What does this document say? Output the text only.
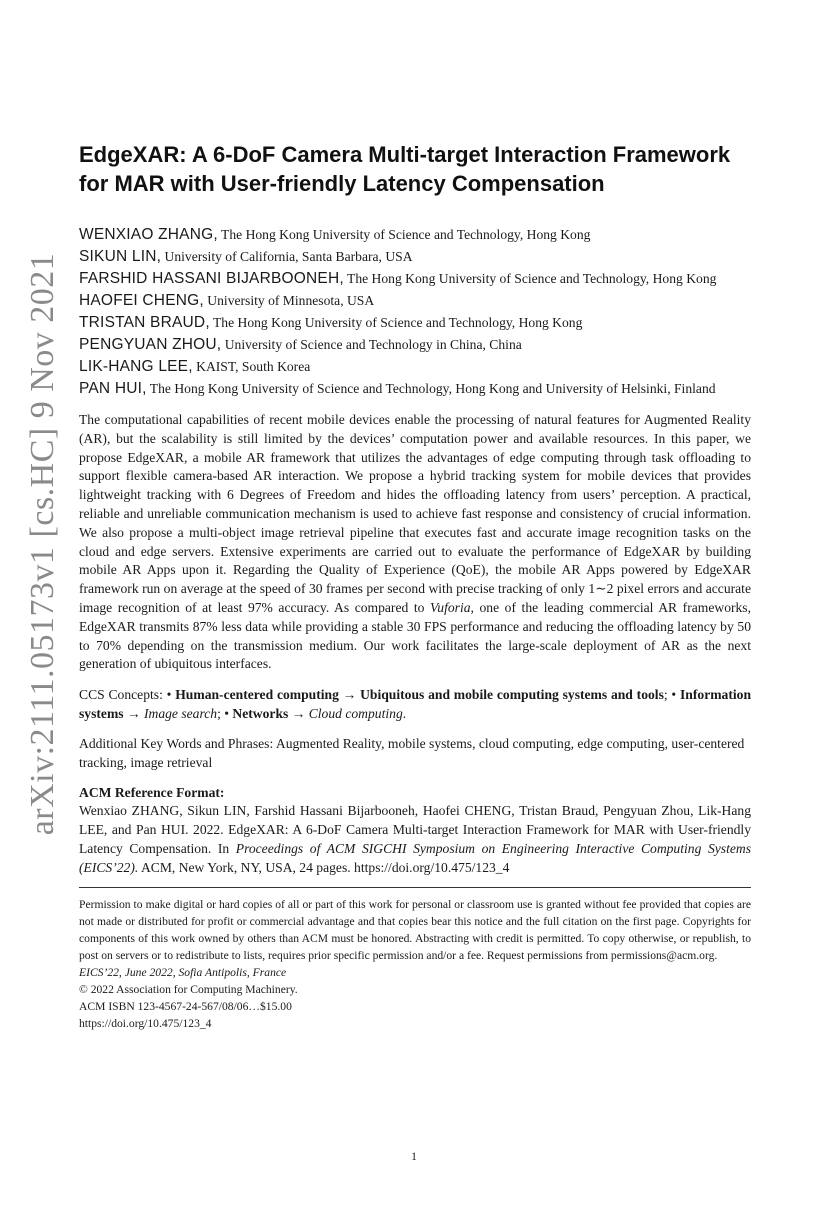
arXiv:2111.05173v1 [cs.HC] 9 Nov 2021
EdgeXAR: A 6-DoF Camera Multi-target Interaction Framework for MAR with User-friendly Latency Compensation
WENXIAO ZHANG, The Hong Kong University of Science and Technology, Hong Kong
SIKUN LIN, University of California, Santa Barbara, USA
FARSHID HASSANI BIJARBOONEH, The Hong Kong University of Science and Technology, Hong Kong
HAOFEI CHENG, University of Minnesota, USA
TRISTAN BRAUD, The Hong Kong University of Science and Technology, Hong Kong
PENGYUAN ZHOU, University of Science and Technology in China, China
LIK-HANG LEE, KAIST, South Korea
PAN HUI, The Hong Kong University of Science and Technology, Hong Kong and University of Helsinki, Finland

The computational capabilities of recent mobile devices enable the processing of natural features for Augmented Reality (AR), but the scalability is still limited by the devices’ computation power and available resources. In this paper, we propose EdgeXAR, a mobile AR framework that utilizes the advantages of edge computing through task offloading to support flexible camera-based AR interaction. We propose a hybrid tracking system for mobile devices that provides lightweight tracking with 6 Degrees of Freedom and hides the offloading latency from users’ perception. A practical, reliable and unreliable communication mechanism is used to achieve fast response and consistency of crucial information. We also propose a multi-object image retrieval pipeline that executes fast and accurate image recognition tasks on the cloud and edge servers. Extensive experiments are carried out to evaluate the performance of EdgeXAR by building mobile AR Apps upon it. Regarding the Quality of Experience (QoE), the mobile AR Apps powered by EdgeXAR framework run on average at the speed of 30 frames per second with precise tracking of only 1∼2 pixel errors and accurate image recognition of at least 97% accuracy. As compared to Vuforia, one of the leading commercial AR frameworks, EdgeXAR transmits 87% less data while providing a stable 30 FPS performance and reducing the offloading latency by 50 to 70% depending on the transmission medium. Our work facilitates the large-scale deployment of AR as the next generation of ubiquitous interfaces.

CCS Concepts: • Human-centered computing → Ubiquitous and mobile computing systems and tools; • Information systems → Image search; • Networks → Cloud computing.

Additional Key Words and Phrases: Augmented Reality, mobile systems, cloud computing, edge computing, user-centered tracking, image retrieval

ACM Reference Format:
Wenxiao ZHANG, Sikun LIN, Farshid Hassani Bijarbooneh, Haofei CHENG, Tristan Braud, Pengyuan Zhou, Lik-Hang LEE, and Pan HUI. 2022. EdgeXAR: A 6-DoF Camera Multi-target Interaction Framework for MAR with User-friendly Latency Compensation. In Proceedings of ACM SIGCHI Symposium on Engineering Interactive Computing Systems (EICS’22). ACM, New York, NY, USA, 24 pages. https://doi.org/10.475/123_4
Permission to make digital or hard copies of all or part of this work for personal or classroom use is granted without fee provided that copies are not made or distributed for profit or commercial advantage and that copies bear this notice and the full citation on the first page. Copyrights for components of this work owned by others than ACM must be honored. Abstracting with credit is permitted. To copy otherwise, or republish, to post on servers or to redistribute to lists, requires prior specific permission and/or a fee. Request permissions from permissions@acm.org.
EICS’22, June 2022, Sofia Antipolis, France
© 2022 Association for Computing Machinery.
ACM ISBN 123-4567-24-567/08/06…$15.00
https://doi.org/10.475/123_4
1
